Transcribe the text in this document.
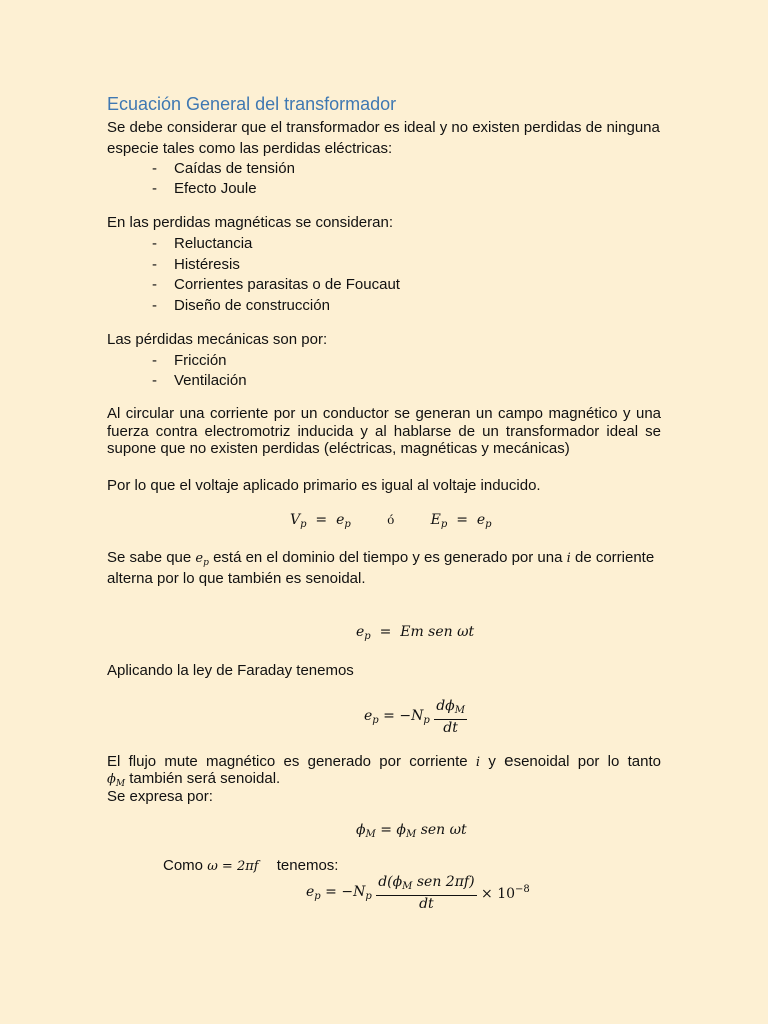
Ecuación General del transformador
Se debe considerar que el transformador es ideal y no existen perdidas de ninguna
especie tales como las perdidas eléctricas:
- Caídas de tensión
- Efecto Joule
En las perdidas magnéticas se consideran:
- Reluctancia
- Histéresis
- Corrientes parasitas o de Foucaut
- Diseño de construcción
Las pérdidas mecánicas son por:
- Fricción
- Ventilación
Al circular una corriente por un conductor se generan un campo magnético y una
fuerza contra electromotriz inducida y al hablarse de un transformador ideal se
supone que no existen perdidas (eléctricas, magnéticas y mecánicas)
Por lo que el voltaje aplicado primario es igual al voltaje inducido.
$V_p = e_p$	ó	$E_p = e_p$
Se sabe que $e_p$ está en el dominio del tiempo y es generado por una i de corriente
alterna por lo que también es senoidal.
$e_p = Em$ sen ωt
Aplicando la ley de Faraday tenemos
$e_p = -N_p \frac{d\phi_M}{dt}$
El flujo mute magnético es generado por corriente i y esenoidal por lo tanto
$\phi_M$ también será senoidal.
Se expresa por:
$\phi_M = \phi_M$ sen ωt
Como ω = 2πf tenemos:
$e_p = -N_p \frac{d(\phi_M sen 2\pi f)}{dt} \times 10^{-8}$
